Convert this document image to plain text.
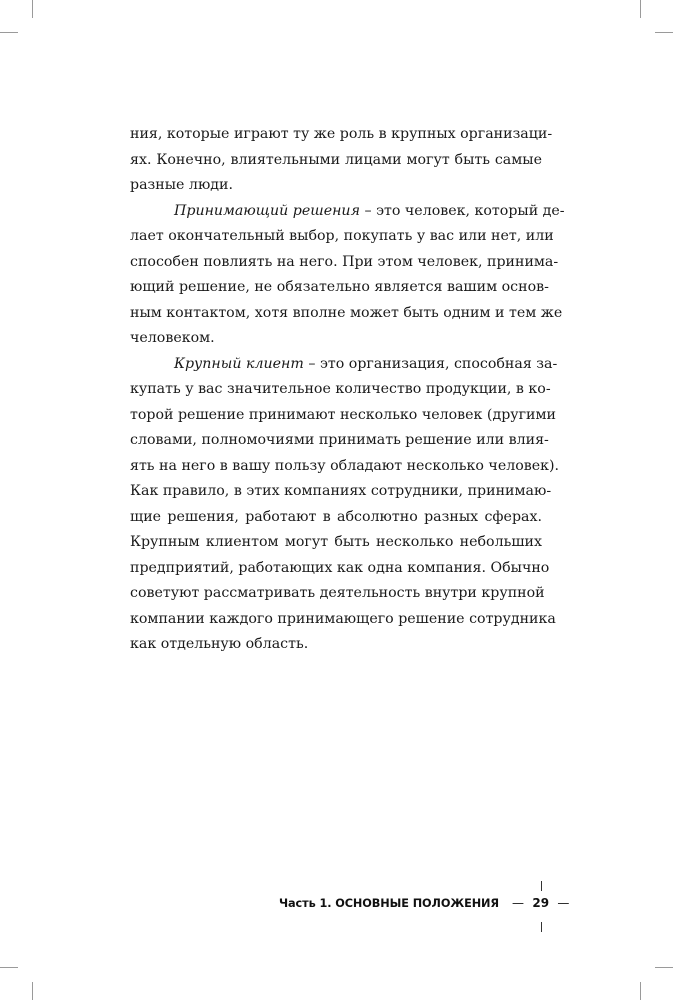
ния, которые играют ту же роль в крупных организаци-
ях. Конечно, влиятельными лицами могут быть самые
разные люди.

Принимающий решения – это человек, который де-
лает окончательный выбор, покупать у вас или нет, или
способен повлиять на него. При этом человек, принима-
ющий решение, не обязательно является вашим основ-
ным контактом, хотя вполне может быть одним и тем же
человеком.

Крупный клиент – это организация, способная за-
купать у вас значительное количество продукции, в ко-
торой решение принимают несколько человек (другими
словами, полномочиями принимать решение или влия-
ять на него в вашу пользу обладают несколько человек).
Как правило, в этих компаниях сотрудники, принимаю-
щие решения, работают в абсолютно разных сферах.
Крупным клиентом могут быть несколько небольших
предприятий, работающих как одна компания. Обычно
советуют рассматривать деятельность внутри крупной
компании каждого принимающего решение сотрудника
как отдельную область.

Часть 1. ОСНОВНЫЕ ПОЛОЖЕНИЯ — 29 —
